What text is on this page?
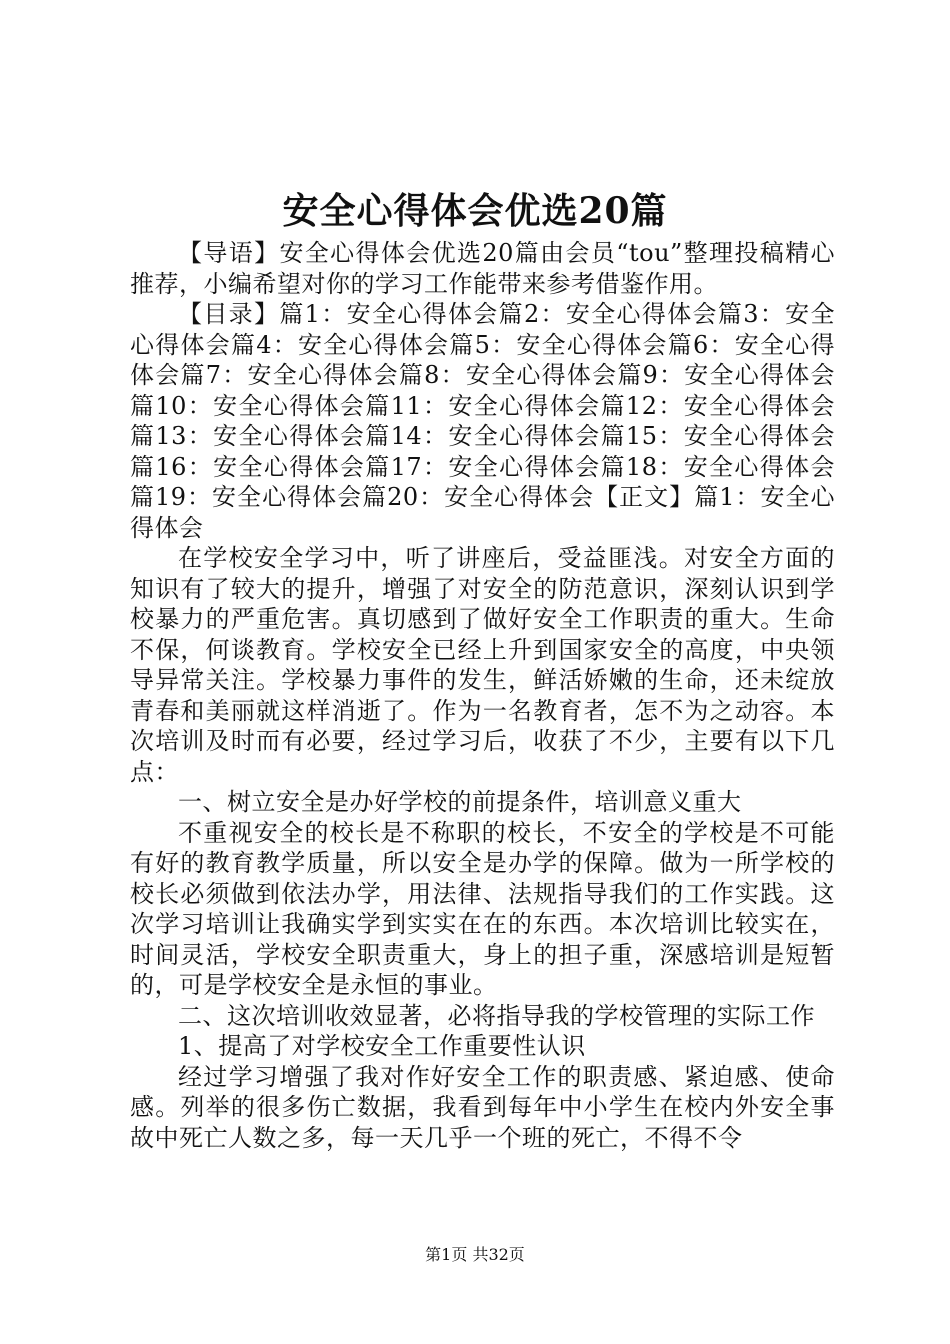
安全心得体会优选20篇

【导语】安全心得体会优选20篇由会员“tou”整理投稿精心推荐，小编希望对你的学习工作能带来参考借鉴作用。

【目录】篇1：安全心得体会篇2：安全心得体会篇3：安全心得体会篇4：安全心得体会篇5：安全心得体会篇6：安全心得体会篇7：安全心得体会篇8：安全心得体会篇9：安全心得体会篇10：安全心得体会篇11：安全心得体会篇12：安全心得体会篇13：安全心得体会篇14：安全心得体会篇15：安全心得体会篇16：安全心得体会篇17：安全心得体会篇18：安全心得体会篇19：安全心得体会篇20：安全心得体会【正文】篇1：安全心得体会

在学校安全学习中，听了讲座后，受益匪浅。对安全方面的知识有了较大的提升，增强了对安全的防范意识，深刻认识到学校暴力的严重危害。真切感到了做好安全工作职责的重大。生命不保，何谈教育。学校安全已经上升到国家安全的高度，中央领导异常关注。学校暴力事件的发生，鲜活娇嫩的生命，还未绽放青春和美丽就这样消逝了。作为一名教育者，怎不为之动容。本次培训及时而有必要，经过学习后，收获了不少，主要有以下几点：

一、树立安全是办好学校的前提条件，培训意义重大

不重视安全的校长是不称职的校长，不安全的学校是不可能有好的教育教学质量，所以安全是办学的保障。做为一所学校的校长必须做到依法办学，用法律、法规指导我们的工作实践。这次学习培训让我确实学到实实在在的东西。本次培训比较实在，时间灵活，学校安全职责重大，身上的担子重，深感培训是短暂的，可是学校安全是永恒的事业。

二、这次培训收效显著，必将指导我的学校管理的实际工作

1、提高了对学校安全工作重要性认识

经过学习增强了我对作好安全工作的职责感、紧迫感、使命感。列举的很多伤亡数据，我看到每年中小学生在校内外安全事故中死亡人数之多，每一天几乎一个班的死亡，不得不令

第1页 共32页
